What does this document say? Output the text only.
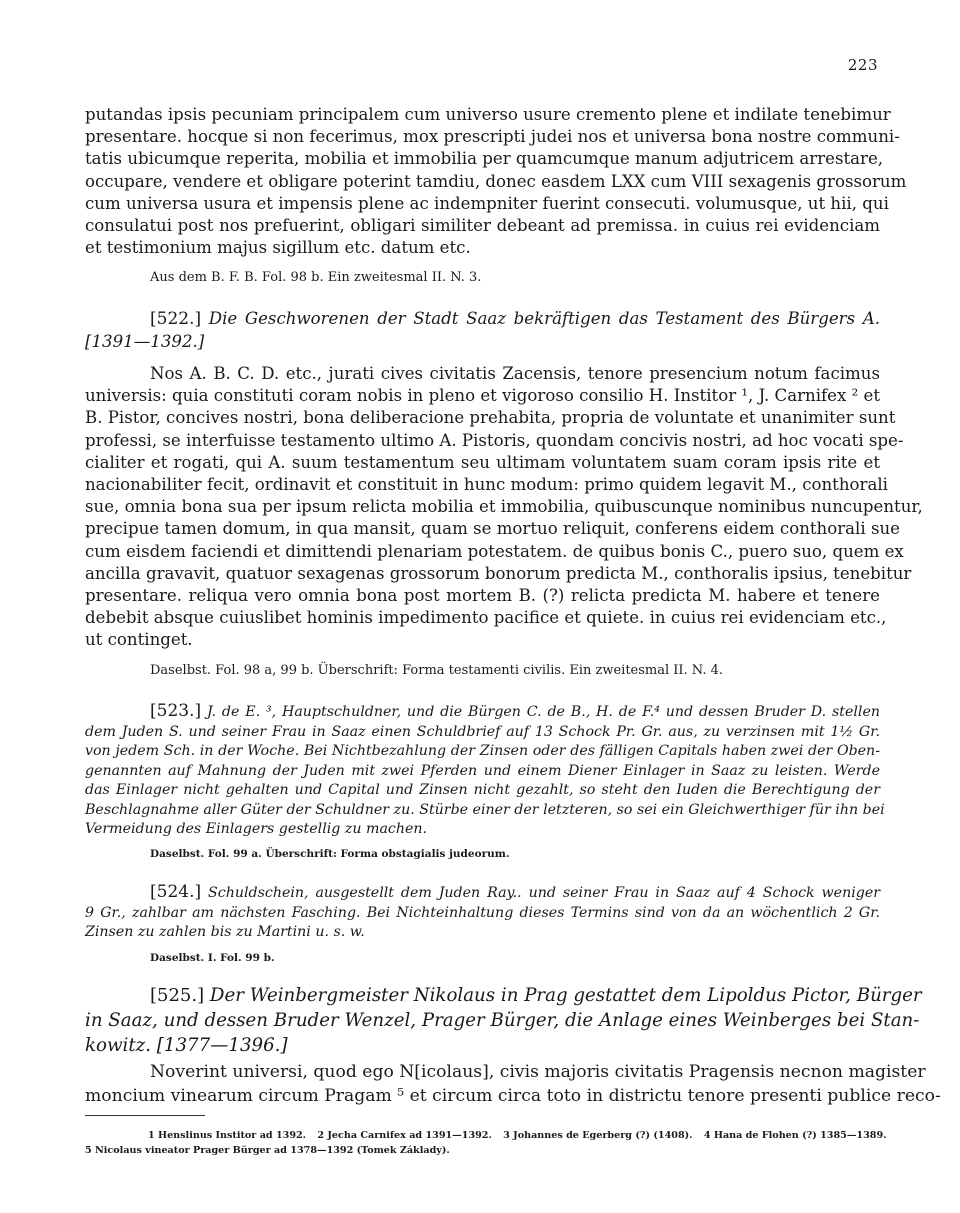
223

putandas ipsis pecuniam principalem cum universo usure cremento plene et indilate tenebimur

presentare. hocque si non fecerimus, mox prescripti judei nos et universa bona nostre communi-

tatis ubicumque reperita, mobilia et immobilia per quamcumque manum adjutricem arrestare,

occupare, vendere et obligare poterint tamdiu, donec easdem LXX cum VIII sexagenis grossorum

cum universa usura et impensis plene ac indempniter fuerint consecuti. volumusque, ut hii, qui

consulatui post nos prefuerint, obligari similiter debeant ad premissa. in cuius rei evidenciam

et testimonium majus sigillum etc. datum etc.

Aus dem B. F. B. Fol. 98 b. Ein zweitesmal II. N. 3.

[522.] Die Geschworenen der Stadt Saaz bekräftigen das Testament des Bürgers A.

[1391—1392.]

Nos A. B. C. D. etc., jurati cives civitatis Zacensis, tenore presencium notum facimus

universis: quia constituti coram nobis in pleno et vigoroso consilio H. Institor ¹, J. Carnifex ² et

B. Pistor, concives nostri, bona deliberacione prehabita, propria de voluntate et unanimiter sunt

professi, se interfuisse testamento ultimo A. Pistoris, quondam concivis nostri, ad hoc vocati spe-

cialiter et rogati, qui A. suum testamentum seu ultimam voluntatem suam coram ipsis rite et

nacionabiliter fecit, ordinavit et constituit in hunc modum: primo quidem legavit M., conthorali

sue, omnia bona sua per ipsum relicta mobilia et immobilia, quibuscunque nominibus nuncupentur,

precipue tamen domum, in qua mansit, quam se mortuo reliquit, conferens eidem conthorali sue

cum eisdem faciendi et dimittendi plenariam potestatem. de quibus bonis C., puero suo, quem ex

ancilla gravavit, quatuor sexagenas grossorum bonorum predicta M., conthoralis ipsius, tenebitur

presentare. reliqua vero omnia bona post mortem B. (?) relicta predicta M. habere et tenere

debebit absque cuiuslibet hominis impedimento pacifice et quiete. in cuius rei evidenciam etc.,

ut continget.

Daselbst. Fol. 98 a, 99 b. Überschrift: Forma testamenti civilis. Ein zweitesmal II. N. 4.

[523.] J. de E. ³, Hauptschuldner, und die Bürgen C. de B., H. de F.⁴ und dessen Bruder D. stellen

dem Juden S. und seiner Frau in Saaz einen Schuldbrief auf 13 Schock Pr. Gr. aus, zu verzinsen mit 1½ Gr.

von jedem Sch. in der Woche. Bei Nichtbezahlung der Zinsen oder des fälligen Capitals haben zwei der Oben-

genannten auf Mahnung der Juden mit zwei Pferden und einem Diener Einlager in Saaz zu leisten. Werde

das Einlager nicht gehalten und Capital und Zinsen nicht gezahlt, so steht den Iuden die Berechtigung der

Beschlagnahme aller Güter der Schuldner zu. Stürbe einer der letzteren, so sei ein Gleichwerthiger für ihn bei

Vermeidung des Einlagers gestellig zu machen.

Daselbst. Fol. 99 a. Überschrift: Forma obstagialis judeorum.

[524.] Schuldschein, ausgestellt dem Juden Ray.. und seiner Frau in Saaz auf 4 Schock weniger

9 Gr., zahlbar am nächsten Fasching. Bei Nichteinhaltung dieses Termins sind von da an wöchentlich 2 Gr.

Zinsen zu zahlen bis zu Martini u. s. w.

Daselbst. I. Fol. 99 b.

[525.] Der Weinbergmeister Nikolaus in Prag gestattet dem Lipoldus Pictor, Bürger

in Saaz, und dessen Bruder Wenzel, Prager Bürger, die Anlage eines Weinberges bei Stan-

kowitz. [1377—1396.]

Noverint universi, quod ego N[icolaus], civis majoris civitatis Pragensis necnon magister

moncium vinearum circum Pragam ⁵ et circum circa toto in districtu tenore presenti publice reco-

1 Henslinus Institor ad 1392. 2 Jecha Carnifex ad 1391—1392. 3 Johannes de Egerberg (?) (1408). 4 Hana de Flohen (?) 1385—1389.
5 Nicolaus vineator Prager Bürger ad 1378—1392 (Tomek Základy).
